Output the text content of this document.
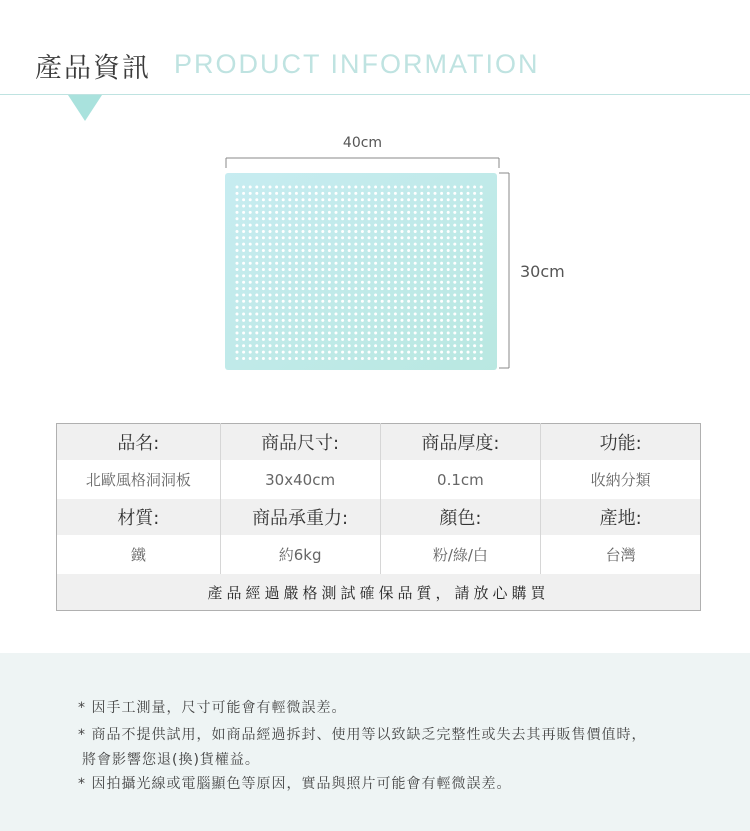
產品資訊 PRODUCT INFORMATION
40cm
30cm
品名:	商品尺寸:	商品厚度:	功能:
北歐風格洞洞板	30x40cm	0.1cm	收納分類
材質:	商品承重力:	顏色:	產地:
鐵	約6kg	粉/綠/白	台灣
產品經過嚴格測試確保品質，請放心購買			
* 因手工測量，尺寸可能會有輕微誤差。
* 商品不提供試用，如商品經過拆封、使用等以致缺乏完整性或失去其再販售價值時，
將會影響您退(換)貨權益。
* 因拍攝光線或電腦顯色等原因，實品與照片可能會有輕微誤差。
